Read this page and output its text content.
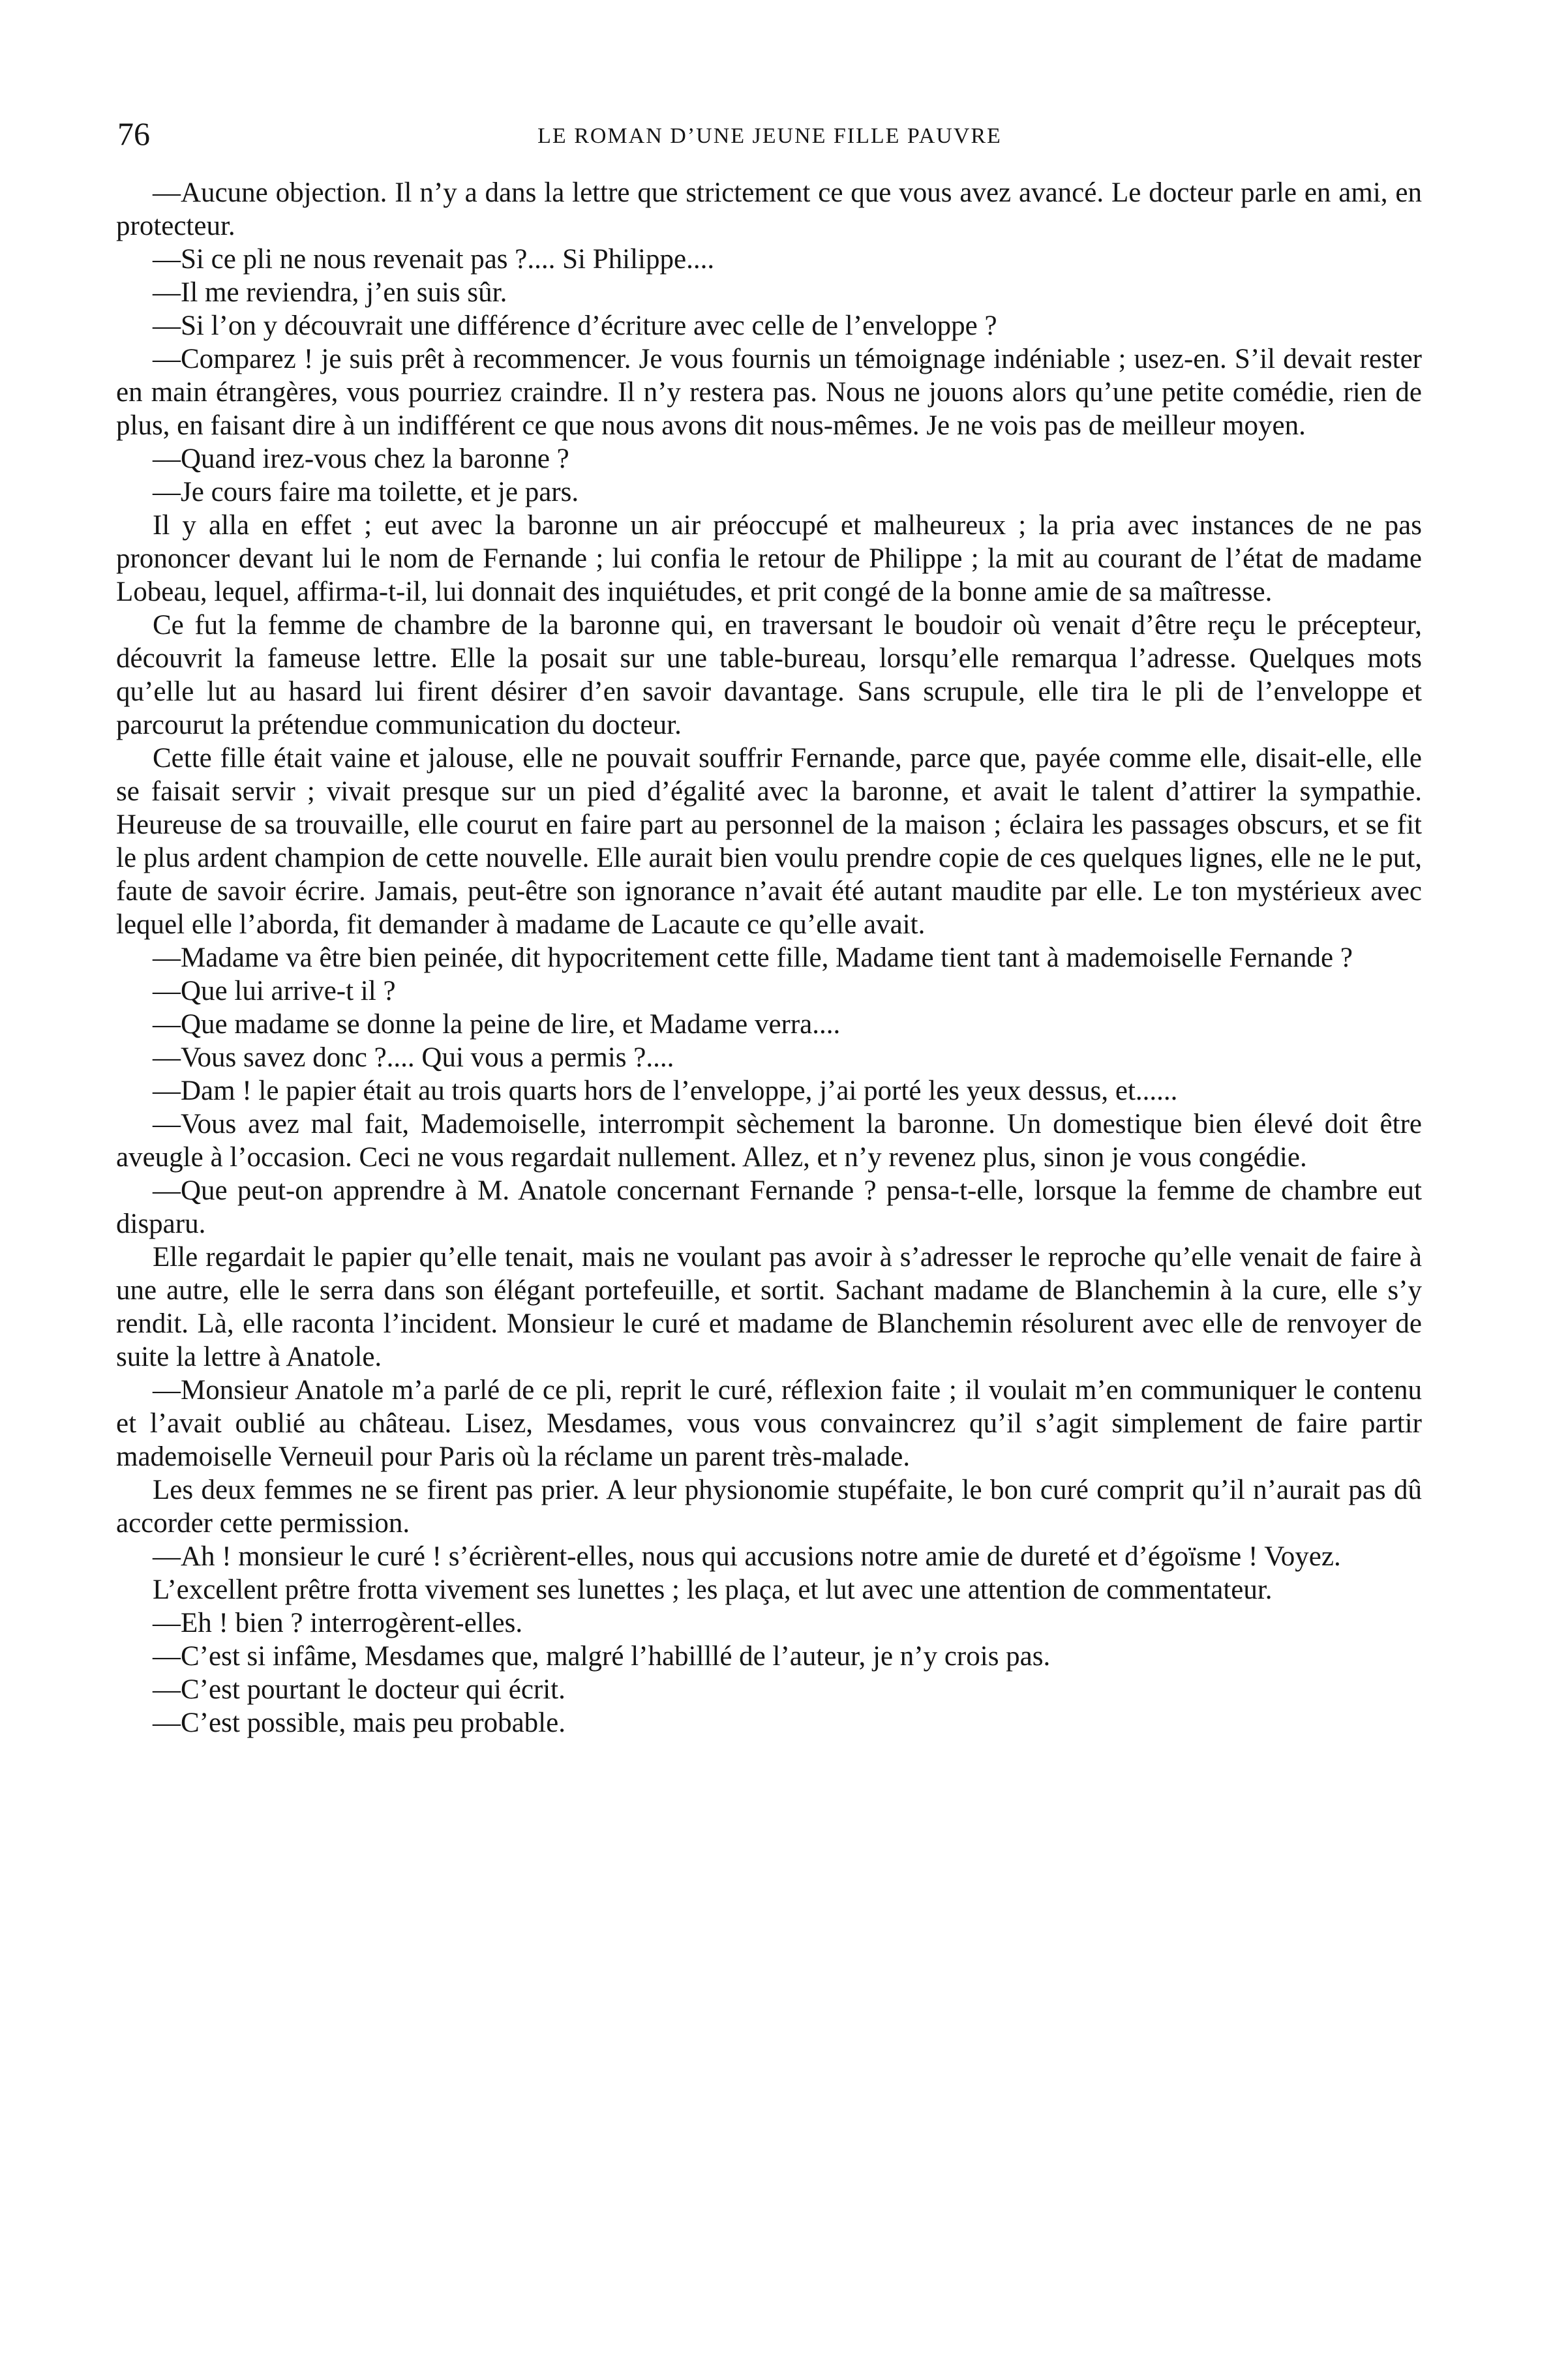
76	LE ROMAN D’UNE JEUNE FILLE PAUVRE

—Aucune objection. Il n’y a dans la lettre que strictement ce que vous avez avancé. Le docteur parle en ami, en protecteur.

—Si ce pli ne nous revenait pas ?.... Si Philippe....

—Il me reviendra, j’en suis sûr.

—Si l’on y découvrait une différence d’écriture avec celle de l’enveloppe ?

—Comparez ! je suis prêt à recommencer. Je vous fournis un témoignage indéniable ; usez-en. S’il devait rester en main étrangères, vous pourriez craindre. Il n’y restera pas. Nous ne jouons alors qu’une petite comédie, rien de plus, en faisant dire à un indifférent ce que nous avons dit nous-mêmes. Je ne vois pas de meilleur moyen.

—Quand irez-vous chez la baronne ?

—Je cours faire ma toilette, et je pars.

Il y alla en effet ; eut avec la baronne un air préoccupé et malheureux ; la pria avec instances de ne pas prononcer devant lui le nom de Fernande ; lui confia le retour de Philippe ; la mit au courant de l’état de madame Lobeau, lequel, affirma-t-il, lui donnait des inquiétudes, et prit congé de la bonne amie de sa maîtresse.

Ce fut la femme de chambre de la baronne qui, en traversant le boudoir où venait d’être reçu le précepteur, découvrit la fameuse lettre. Elle la posait sur une table-bureau, lorsqu’elle remarqua l’adresse. Quelques mots qu’elle lut au hasard lui firent désirer d’en savoir davantage. Sans scrupule, elle tira le pli de l’enveloppe et parcourut la prétendue communication du docteur.

Cette fille était vaine et jalouse, elle ne pouvait souffrir Fernande, parce que, payée comme elle, disait-elle, elle se faisait servir ; vivait presque sur un pied d’égalité avec la baronne, et avait le talent d’attirer la sympathie. Heureuse de sa trouvaille, elle courut en faire part au personnel de la maison ; éclaira les passages obscurs, et se fit le plus ardent champion de cette nouvelle. Elle aurait bien voulu prendre copie de ces quelques lignes, elle ne le put, faute de savoir écrire. Jamais, peut-être son ignorance n’avait été autant maudite par elle. Le ton mystérieux avec lequel elle l’aborda, fit demander à madame de Lacaute ce qu’elle avait.

—Madame va être bien peinée, dit hypocritement cette fille, Madame tient tant à mademoiselle Fernande ?

—Que lui arrive-t il ?

—Que madame se donne la peine de lire, et Madame verra....

—Vous savez donc ?.... Qui vous a permis ?....

—Dam ! le papier était au trois quarts hors de l’enveloppe, j’ai porté les yeux dessus, et......

—Vous avez mal fait, Mademoiselle, interrompit sèchement la baronne. Un domestique bien élevé doit être aveugle à l’occasion. Ceci ne vous regardait nullement. Allez, et n’y revenez plus, sinon je vous congédie.

—Que peut-on apprendre à M. Anatole concernant Fernande ? pensa-t-elle, lorsque la femme de chambre eut disparu.

Elle regardait le papier qu’elle tenait, mais ne voulant pas avoir à s’adresser le reproche qu’elle venait de faire à une autre, elle le serra dans son élégant portefeuille, et sortit. Sachant madame de Blanchemin à la cure, elle s’y rendit. Là, elle raconta l’incident. Monsieur le curé et madame de Blanchemin résolurent avec elle de renvoyer de suite la lettre à Anatole.

—Monsieur Anatole m’a parlé de ce pli, reprit le curé, réflexion faite ; il voulait m’en communiquer le contenu et l’avait oublié au château. Lisez, Mesdames, vous vous convaincrez qu’il s’agit simplement de faire partir mademoiselle Verneuil pour Paris où la réclame un parent très-malade.

Les deux femmes ne se firent pas prier. A leur physionomie stupéfaite, le bon curé comprit qu’il n’aurait pas dû accorder cette permission.

—Ah ! monsieur le curé ! s’écrièrent-elles, nous qui accusions notre amie de dureté et d’égoïsme ! Voyez.

L’excellent prêtre frotta vivement ses lunettes ; les plaça, et lut avec une attention de commentateur.

—Eh ! bien ? interrogèrent-elles.

—C’est si infâme, Mesdames que, malgré l’habilllé de l’auteur, je n’y crois pas.

—C’est pourtant le docteur qui écrit.

—C’est possible, mais peu probable.
